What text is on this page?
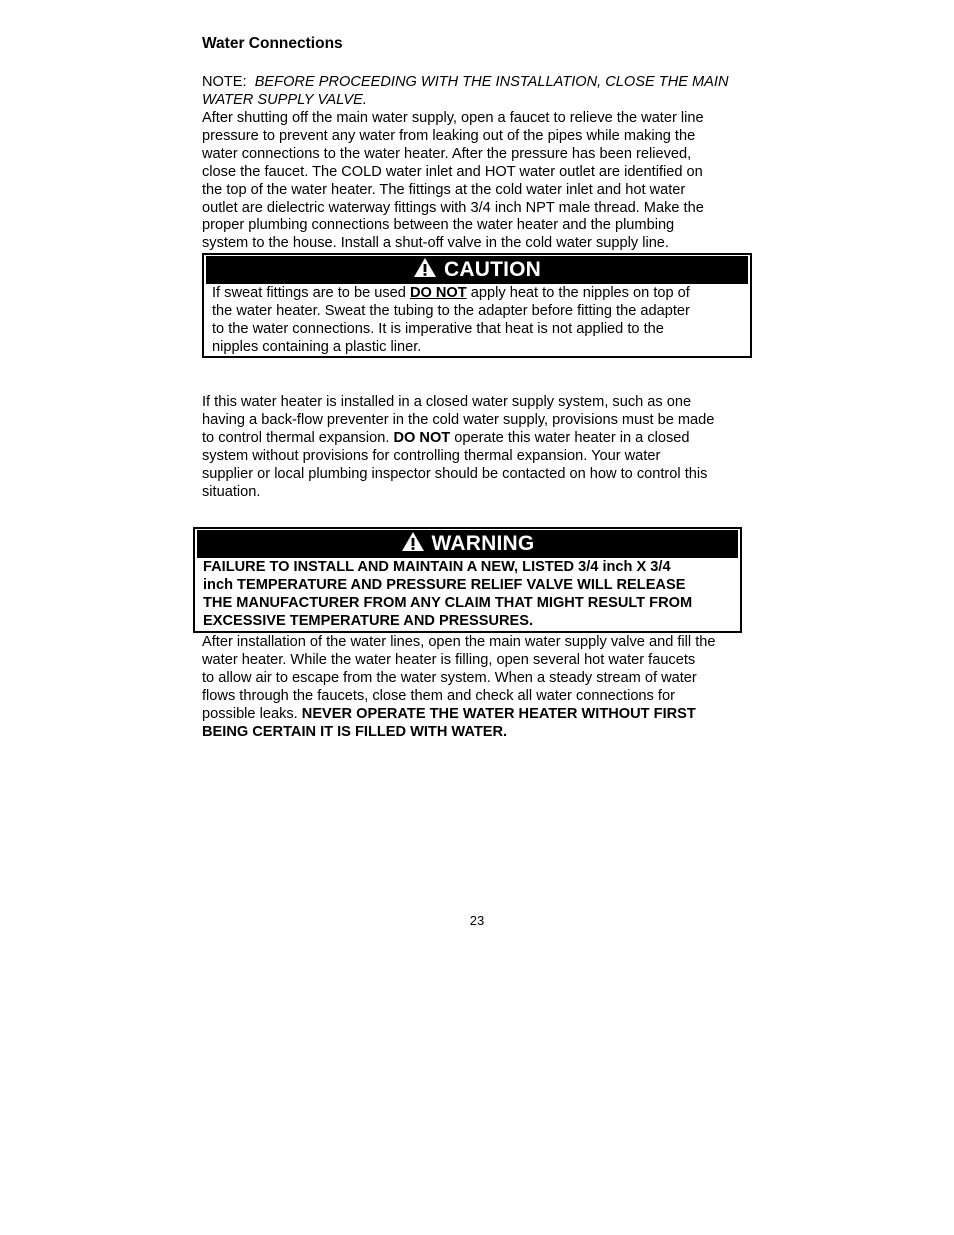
Water Connections

NOTE: BEFORE PROCEEDING WITH THE INSTALLATION, CLOSE THE MAIN WATER SUPPLY VALVE.

After shutting off the main water supply, open a faucet to relieve the water line
pressure to prevent any water from leaking out of the pipes while making the
water connections to the water heater. After the pressure has been relieved,
close the faucet. The COLD water inlet and HOT water outlet are identified on
the top of the water heater. The fittings at the cold water inlet and hot water
outlet are dielectric waterway fittings with 3/4 inch NPT male thread. Make the
proper plumbing connections between the water heater and the plumbing
system to the house. Install a shut-off valve in the cold water supply line.
CAUTION
If sweat fittings are to be used DO NOT apply heat to the nipples on top of
the water heater. Sweat the tubing to the adapter before fitting the adapter
to the water connections. It is imperative that heat is not applied to the
nipples containing a plastic liner.
If this water heater is installed in a closed water supply system, such as one
having a back-flow preventer in the cold water supply, provisions must be made
to control thermal expansion. DO NOT operate this water heater in a closed
system without provisions for controlling thermal expansion. Your water
supplier or local plumbing inspector should be contacted on how to control this
situation.
WARNING
FAILURE TO INSTALL AND MAINTAIN A NEW, LISTED 3/4 inch X 3/4
inch TEMPERATURE AND PRESSURE RELIEF VALVE WILL RELEASE
THE MANUFACTURER FROM ANY CLAIM THAT MIGHT RESULT FROM
EXCESSIVE TEMPERATURE AND PRESSURES.
After installation of the water lines, open the main water supply valve and fill the
water heater. While the water heater is filling, open several hot water faucets
to allow air to escape from the water system. When a steady stream of water
flows through the faucets, close them and check all water connections for
possible leaks. NEVER OPERATE THE WATER HEATER WITHOUT FIRST
BEING CERTAIN IT IS FILLED WITH WATER.
23
